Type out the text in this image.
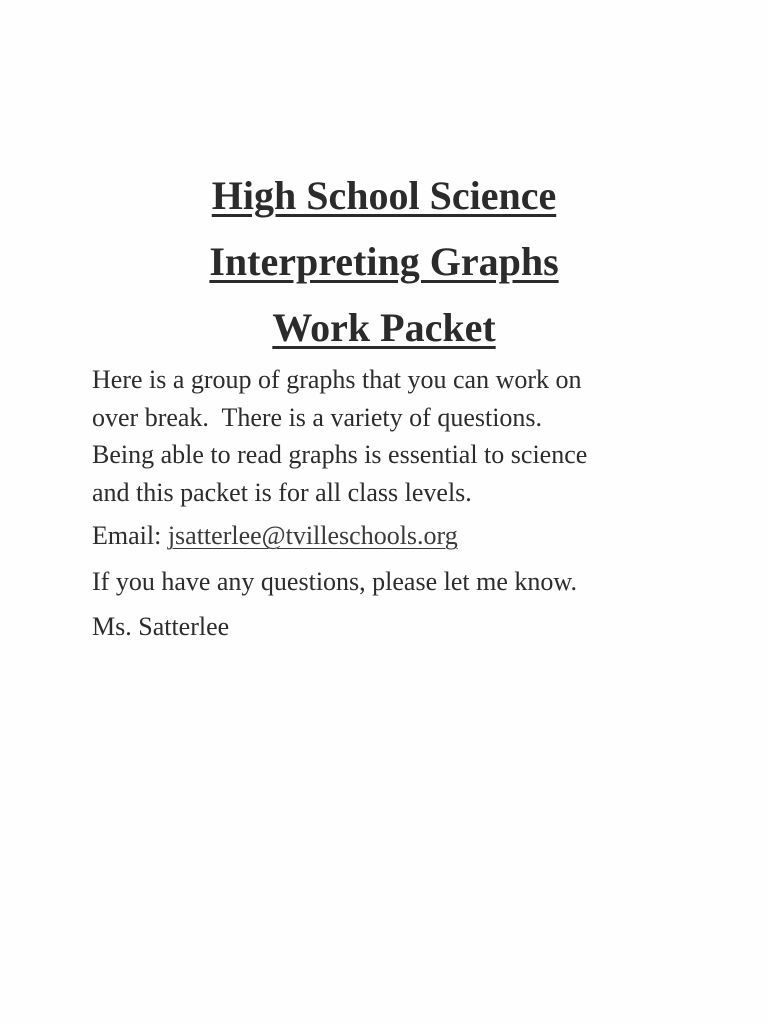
High School Science
Interpreting Graphs
Work Packet
Here is a group of graphs that you can work on
over break.  There is a variety of questions.
Being able to read graphs is essential to science
and this packet is for all class levels.
Email: jsatterlee@tvilleschools.org
If you have any questions, please let me know.
Ms. Satterlee
